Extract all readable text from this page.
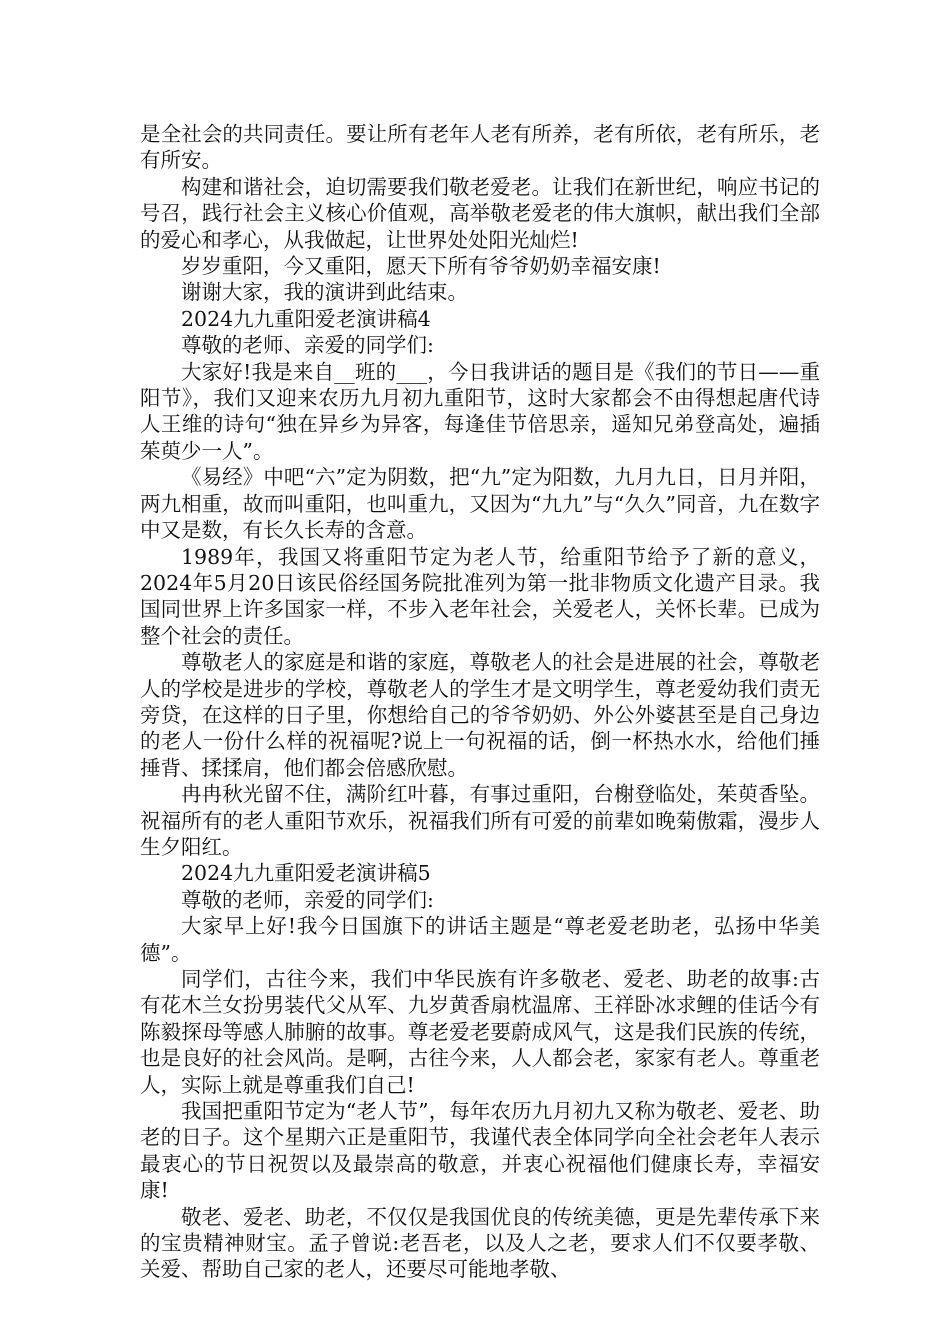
是全社会的共同责任。要让所有老年人老有所养，老有所依，老有所乐，老有所安。

构建和谐社会，迫切需要我们敬老爱老。让我们在新世纪，响应书记的号召，践行社会主义核心价值观，高举敬老爱老的伟大旗帜，献出我们全部的爱心和孝心，从我做起，让世界处处阳光灿烂!

岁岁重阳，今又重阳，愿天下所有爷爷奶奶幸福安康!

谢谢大家，我的演讲到此结束。

2024九九重阳爱老演讲稿4

尊敬的老师、亲爱的同学们:

大家好!我是来自__班的___，今日我讲话的题目是《我们的节日——重阳节》，我们又迎来农历九月初九重阳节，这时大家都会不由得想起唐代诗人王维的诗句“独在异乡为异客，每逢佳节倍思亲，遥知兄弟登高处，遍插茱萸少一人”。

《易经》中吧“六”定为阴数，把“九”定为阳数，九月九日，日月并阳，两九相重，故而叫重阳，也叫重九，又因为“九九”与“久久”同音，九在数字中又是数，有长久长寿的含意。

1989年，我国又将重阳节定为老人节，给重阳节给予了新的意义，2024年5月20日该民俗经国务院批准列为第一批非物质文化遗产目录。我国同世界上许多国家一样，不步入老年社会，关爱老人，关怀长辈。已成为整个社会的责任。

尊敬老人的家庭是和谐的家庭，尊敬老人的社会是进展的社会，尊敬老人的学校是进步的学校，尊敬老人的学生才是文明学生，尊老爱幼我们责无旁贷，在这样的日子里，你想给自己的爷爷奶奶、外公外婆甚至是自己身边的老人一份什么样的祝福呢?说上一句祝福的话，倒一杯热水水，给他们捶捶背、揉揉肩，他们都会倍感欣慰。

冉冉秋光留不住，满阶红叶暮，有事过重阳，台榭登临处，茱萸香坠。祝福所有的老人重阳节欢乐，祝福我们所有可爱的前辈如晚菊傲霜，漫步人生夕阳红。

2024九九重阳爱老演讲稿5

尊敬的老师，亲爱的同学们:

大家早上好!我今日国旗下的讲话主题是“尊老爱老助老，弘扬中华美德”。

同学们，古往今来，我们中华民族有许多敬老、爱老、助老的故事:古有花木兰女扮男装代父从军、九岁黄香扇枕温席、王祥卧冰求鲤的佳话今有陈毅探母等感人肺腑的故事。尊老爱老要蔚成风气，这是我们民族的传统，也是良好的社会风尚。是啊，古往今来，人人都会老，家家有老人。尊重老人，实际上就是尊重我们自己!

我国把重阳节定为“老人节”，每年农历九月初九又称为敬老、爱老、助老的日子。这个星期六正是重阳节，我谨代表全体同学向全社会老年人表示最衷心的节日祝贺以及最崇高的敬意，并衷心祝福他们健康长寿，幸福安康!

敬老、爱老、助老，不仅仅是我国优良的传统美德，更是先辈传承下来的宝贵精神财宝。孟子曾说:老吾老，以及人之老，要求人们不仅要孝敬、关爱、帮助自己家的老人，还要尽可能地孝敬、
